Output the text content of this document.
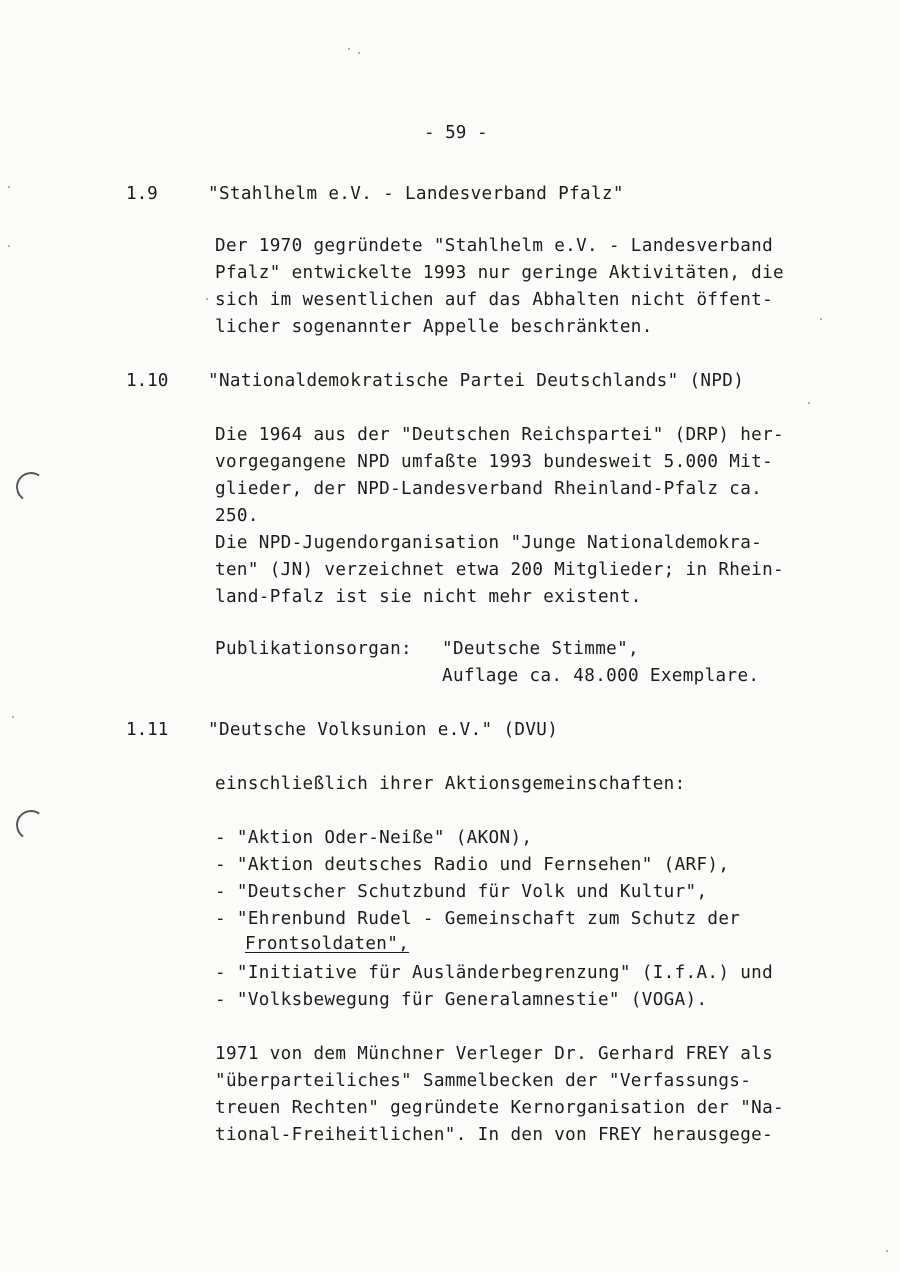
- 59 -
1.9	"Stahlhelm e.V. - Landesverband Pfalz"
Der 1970 gegründete "Stahlhelm e.V. - Landesverband
Pfalz" entwickelte 1993 nur geringe Aktivitäten, die
sich im wesentlichen auf das Abhalten nicht öffent-
licher sogenannter Appelle beschränkten.
1.10 "Nationaldemokratische Partei Deutschlands" (NPD)
Die 1964 aus der "Deutschen Reichspartei" (DRP) her-
vorgegangene NPD umfaßte 1993 bundesweit 5.000 Mit-
glieder, der NPD-Landesverband Rheinland-Pfalz ca.
250.
Die NPD-Jugendorganisation "Junge Nationaldemokra-
ten" (JN) verzeichnet etwa 200 Mitglieder; in Rhein-
land-Pfalz ist sie nicht mehr existent.
Publikationsorgan: "Deutsche Stimme",
Auflage ca. 48.000 Exemplare.
1.11 "Deutsche Volksunion e.V." (DVU)
einschließlich ihrer Aktionsgemeinschaften:
- "Aktion Oder-Neiße" (AKON),
- "Aktion deutsches Radio und Fernsehen" (ARF),
- "Deutscher Schutzbund für Volk und Kultur",
- "Ehrenbund Rudel - Gemeinschaft zum Schutz der
Frontsoldaten",
- "Initiative für Ausländerbegrenzung" (I.f.A.) und
- "Volksbewegung für Generalamnestie" (VOGA).
1971 von dem Münchner Verleger Dr. Gerhard FREY als
"überparteiliches" Sammelbecken der "Verfassungs-
treuen Rechten" gegründete Kernorganisation der "Na-
tional-Freiheitlichen". In den von FREY herausgege-
